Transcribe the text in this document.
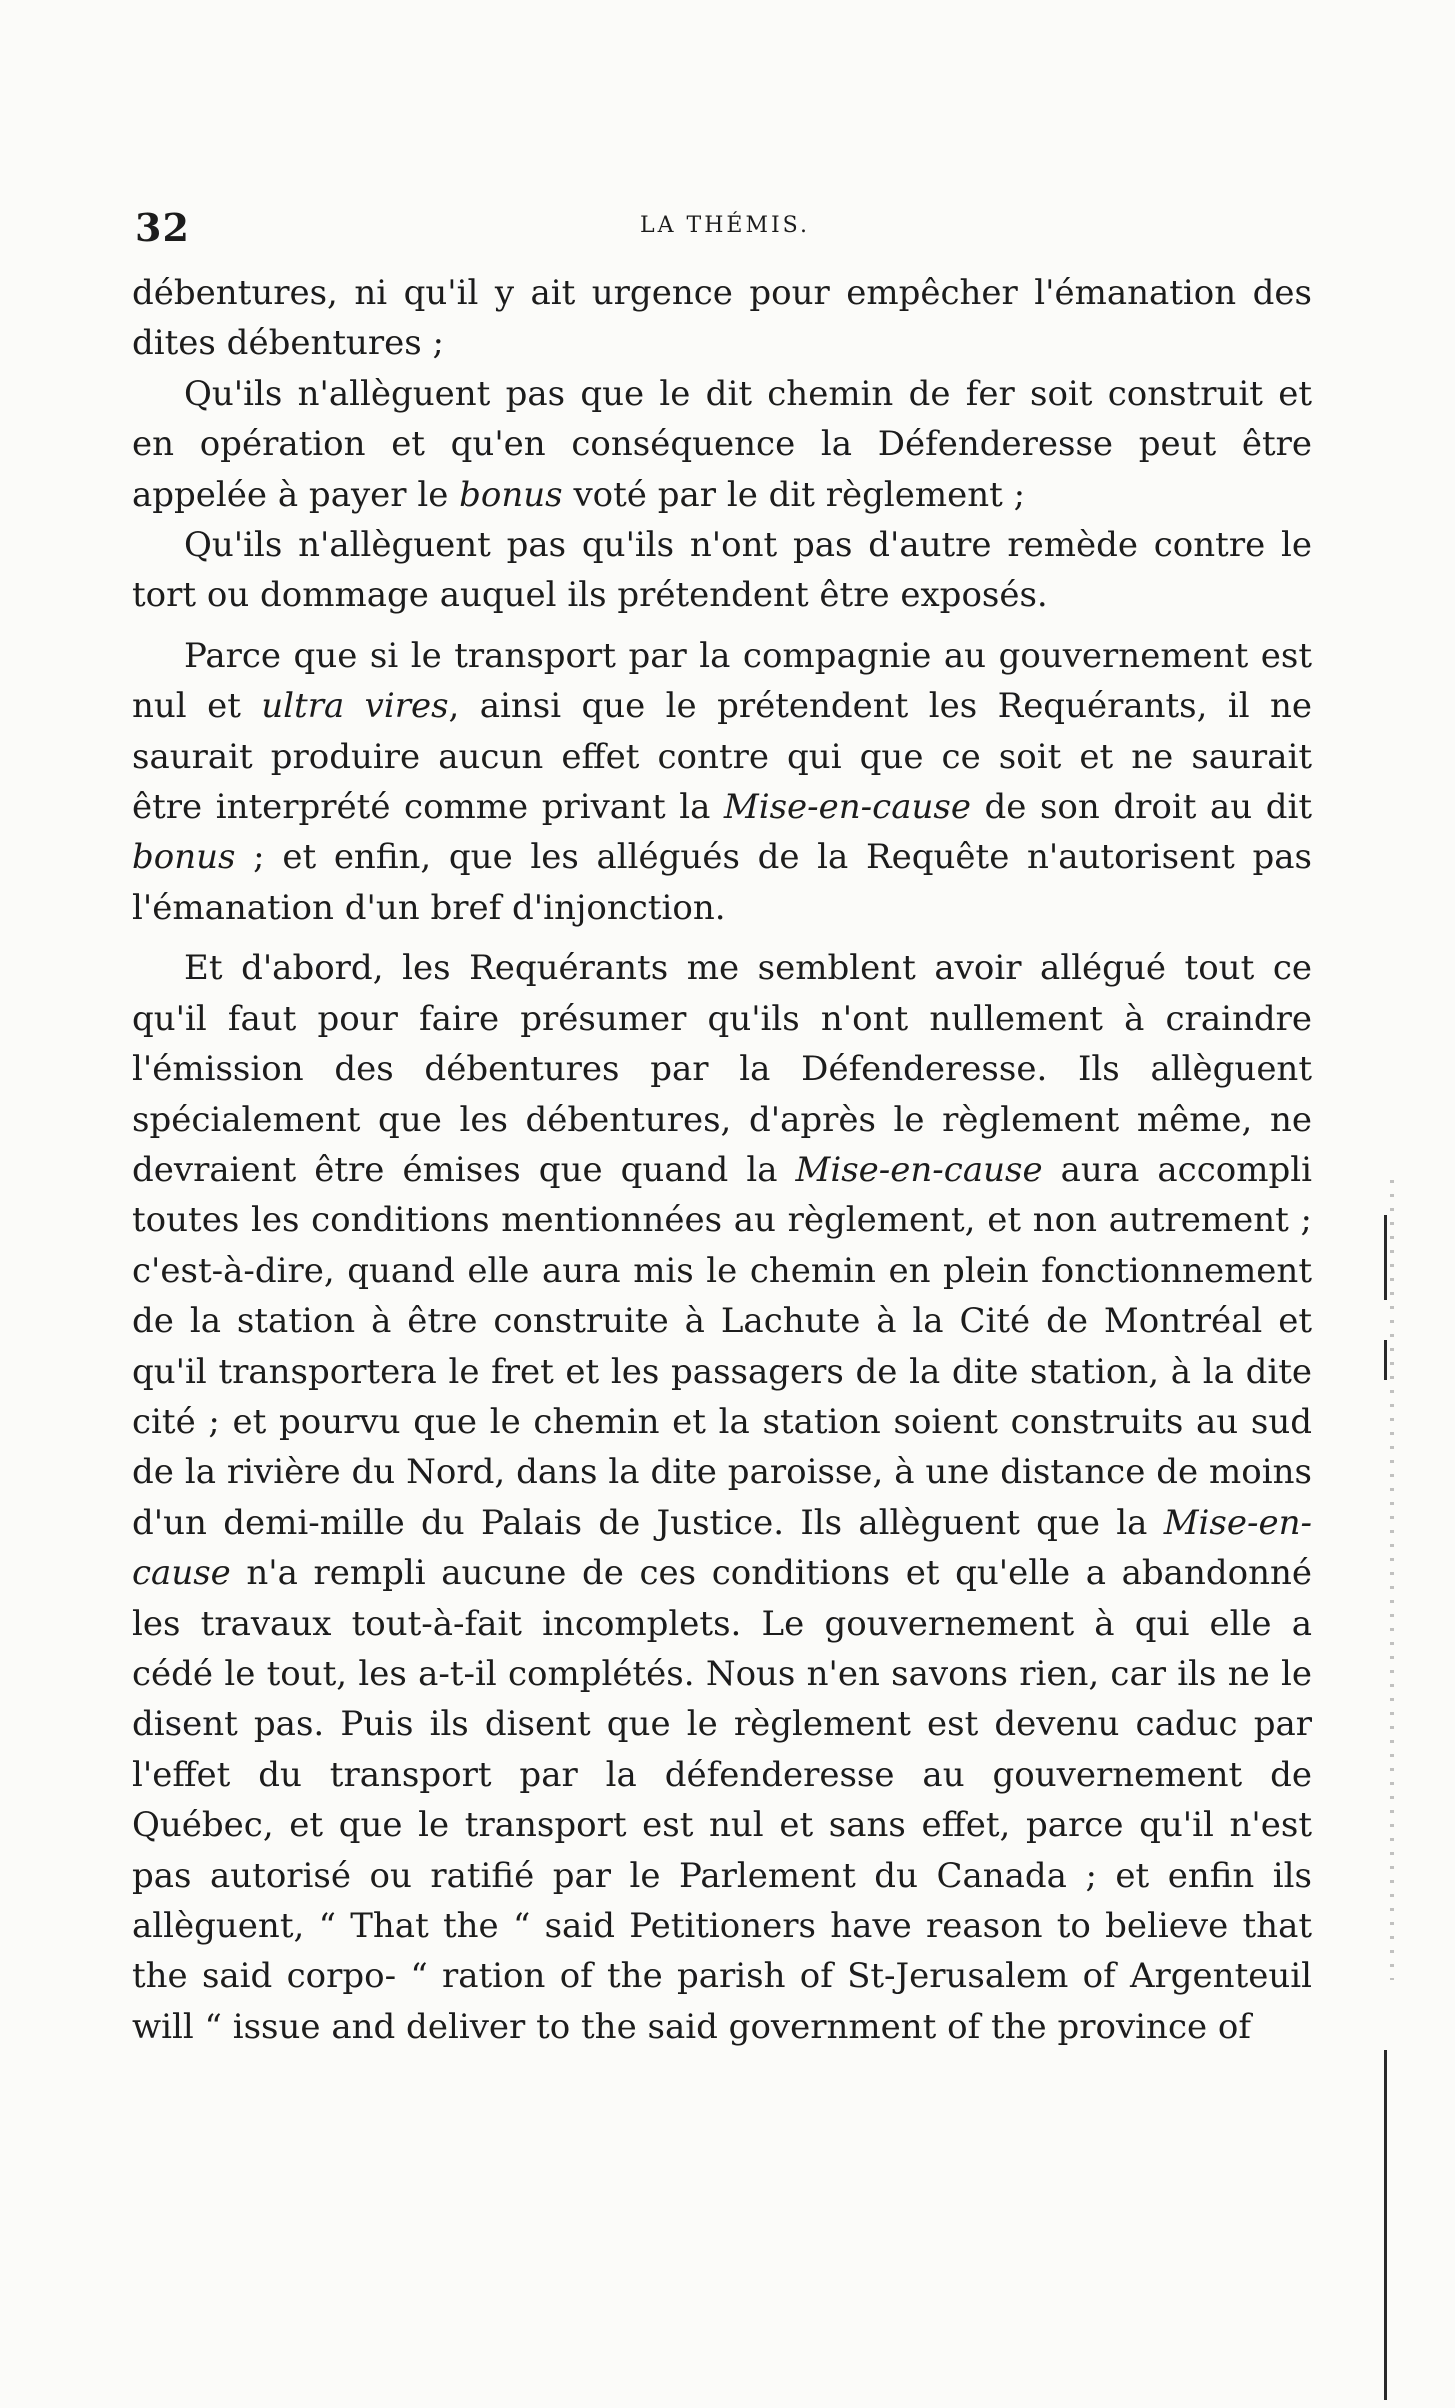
32	LA THÉMIS.

débentures, ni qu'il y ait urgence pour empêcher l'émanation des dites débentures ;

Qu'ils n'allèguent pas que le dit chemin de fer soit construit et en opération et qu'en conséquence la Défenderesse peut être appelée à payer le bonus voté par le dit règlement ;

Qu'ils n'allèguent pas qu'ils n'ont pas d'autre remède contre le tort ou dommage auquel ils prétendent être exposés.

Parce que si le transport par la compagnie au gouvernement est nul et ultra vires, ainsi que le prétendent les Requérants, il ne saurait produire aucun effet contre qui que ce soit et ne saurait être interprété comme privant la Mise-en-cause de son droit au dit bonus ; et enfin, que les allégués de la Requête n'autorisent pas l'émanation d'un bref d'injonction.

Et d'abord, les Requérants me semblent avoir allégué tout ce qu'il faut pour faire présumer qu'ils n'ont nullement à craindre l'émission des débentures par la Défenderesse. Ils allèguent spécialement que les débentures, d'après le règlement même, ne devraient être émises que quand la Mise-en-cause aura accompli toutes les conditions mentionnées au règlement, et non autrement ; c'est-à-dire, quand elle aura mis le chemin en plein fonctionnement de la station à être construite à Lachute à la Cité de Montréal et qu'il transportera le fret et les passagers de la dite station, à la dite cité ; et pourvu que le chemin et la station soient construits au sud de la rivière du Nord, dans la dite paroisse, à une distance de moins d'un demi-mille du Palais de Justice. Ils allèguent que la Mise-en-cause n'a rempli aucune de ces conditions et qu'elle a abandonné les travaux tout-à-fait incomplets. Le gouvernement à qui elle a cédé le tout, les a-t-il complétés. Nous n'en savons rien, car ils ne le disent pas. Puis ils disent que le règlement est devenu caduc par l'effet du transport par la défenderesse au gouvernement de Québec, et que le transport est nul et sans effet, parce qu'il n'est pas autorisé ou ratifié par le Parlement du Canada ; et enfin ils allèguent, “ That the “ said Petitioners have reason to believe that the said corpo- “ ration of the parish of St-Jerusalem of Argenteuil will “ issue and deliver to the said government of the province of
